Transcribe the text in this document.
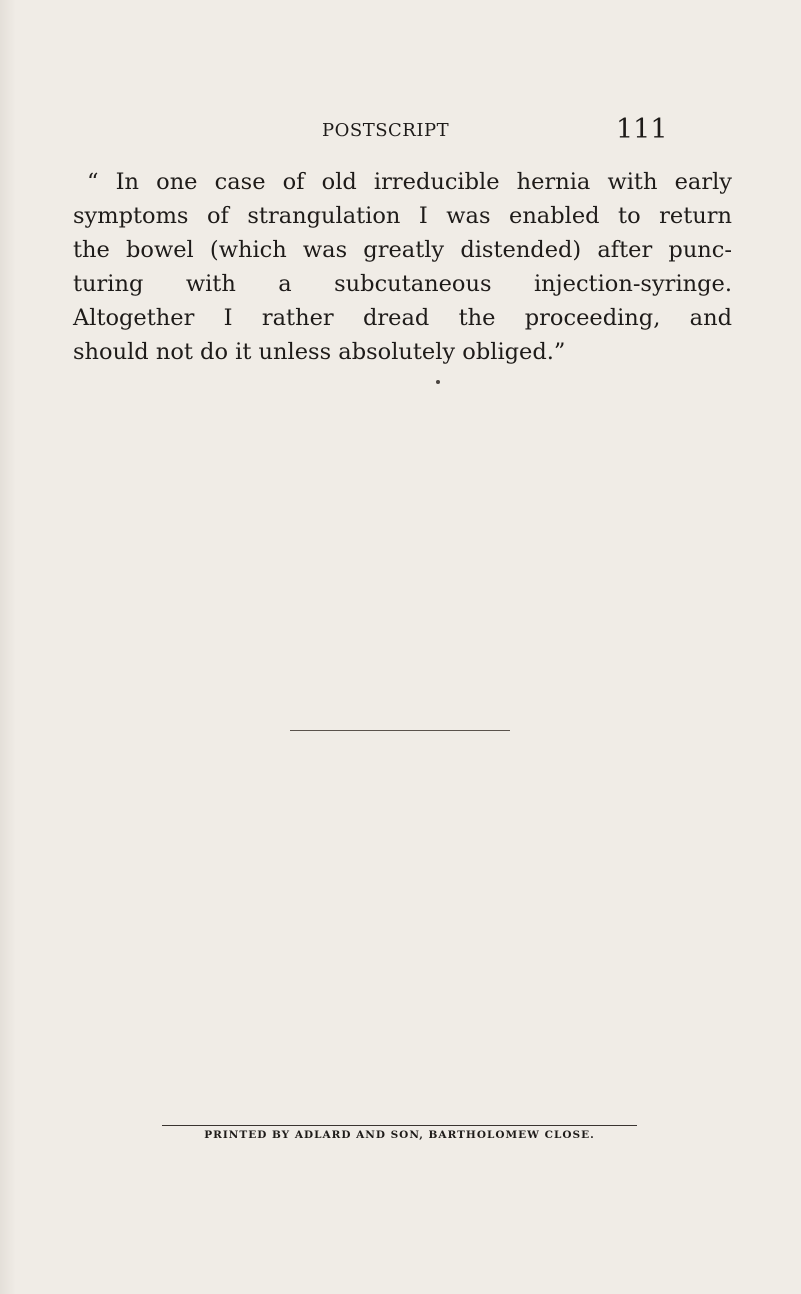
POSTSCRIPT	111

“ In one case of old irreducible hernia with early
symptoms of strangulation I was enabled to return
the bowel (which was greatly distended) after punc-
turing with a subcutaneous injection-syringe.
Altogether I rather dread the proceeding, and
should not do it unless absolutely obliged.”

PRINTED BY ADLARD AND SON, BARTHOLOMEW CLOSE.
